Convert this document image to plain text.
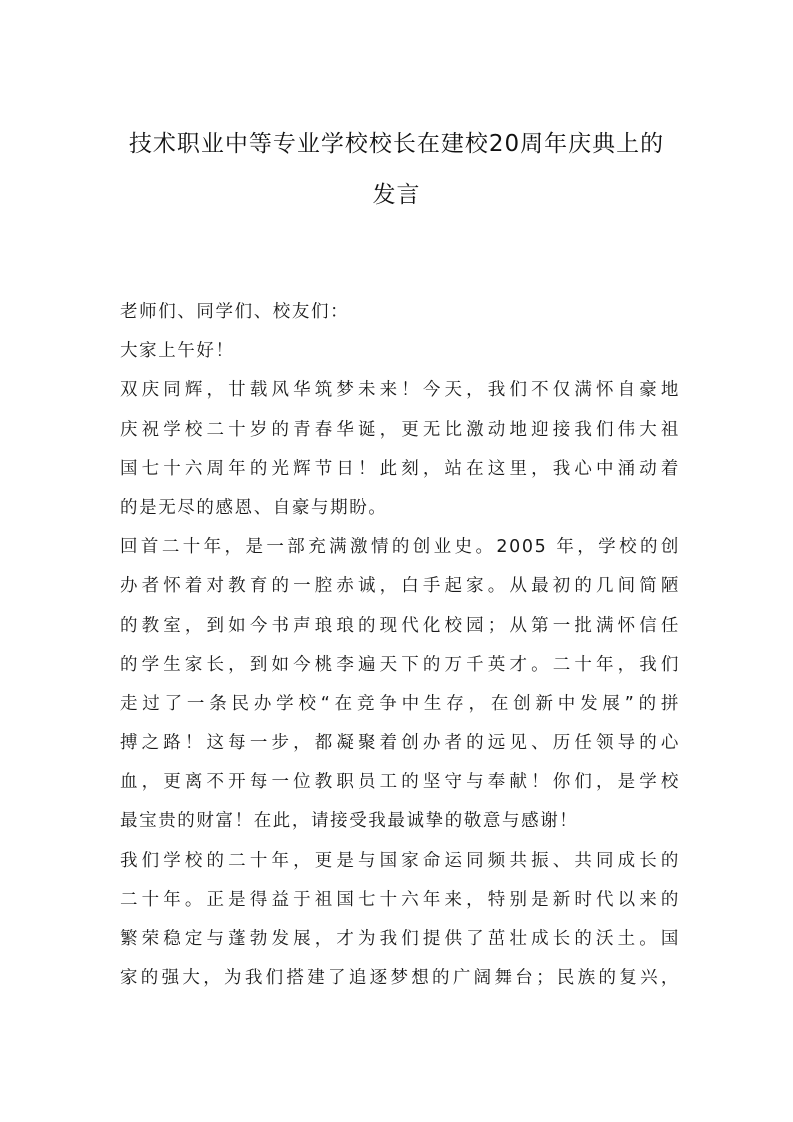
技术职业中等专业学校校长在建校20周年庆典上的
发言
老师们、同学们、校友们：
大家上午好！
双庆同辉，廿载风华筑梦未来！今天，我们不仅满怀自豪地
庆祝学校二十岁的青春华诞，更无比激动地迎接我们伟大祖
国七十六周年的光辉节日！此刻，站在这里，我心中涌动着
的是无尽的感恩、自豪与期盼。
回首二十年，是一部充满激情的创业史。2005 年，学校的创
办者怀着对教育的一腔赤诚，白手起家。从最初的几间简陋
的教室，到如今书声琅琅的现代化校园；从第一批满怀信任
的学生家长，到如今桃李遍天下的万千英才。二十年，我们
走过了一条民办学校“在竞争中生存，在创新中发展”的拼
搏之路！这每一步，都凝聚着创办者的远见、历任领导的心
血，更离不开每一位教职员工的坚守与奉献！你们，是学校
最宝贵的财富！在此，请接受我最诚挚的敬意与感谢！
我们学校的二十年，更是与国家命运同频共振、共同成长的
二十年。正是得益于祖国七十六年来，特别是新时代以来的
繁荣稳定与蓬勃发展，才为我们提供了茁壮成长的沃土。国
家的强大，为我们搭建了追逐梦想的广阔舞台；民族的复兴，
